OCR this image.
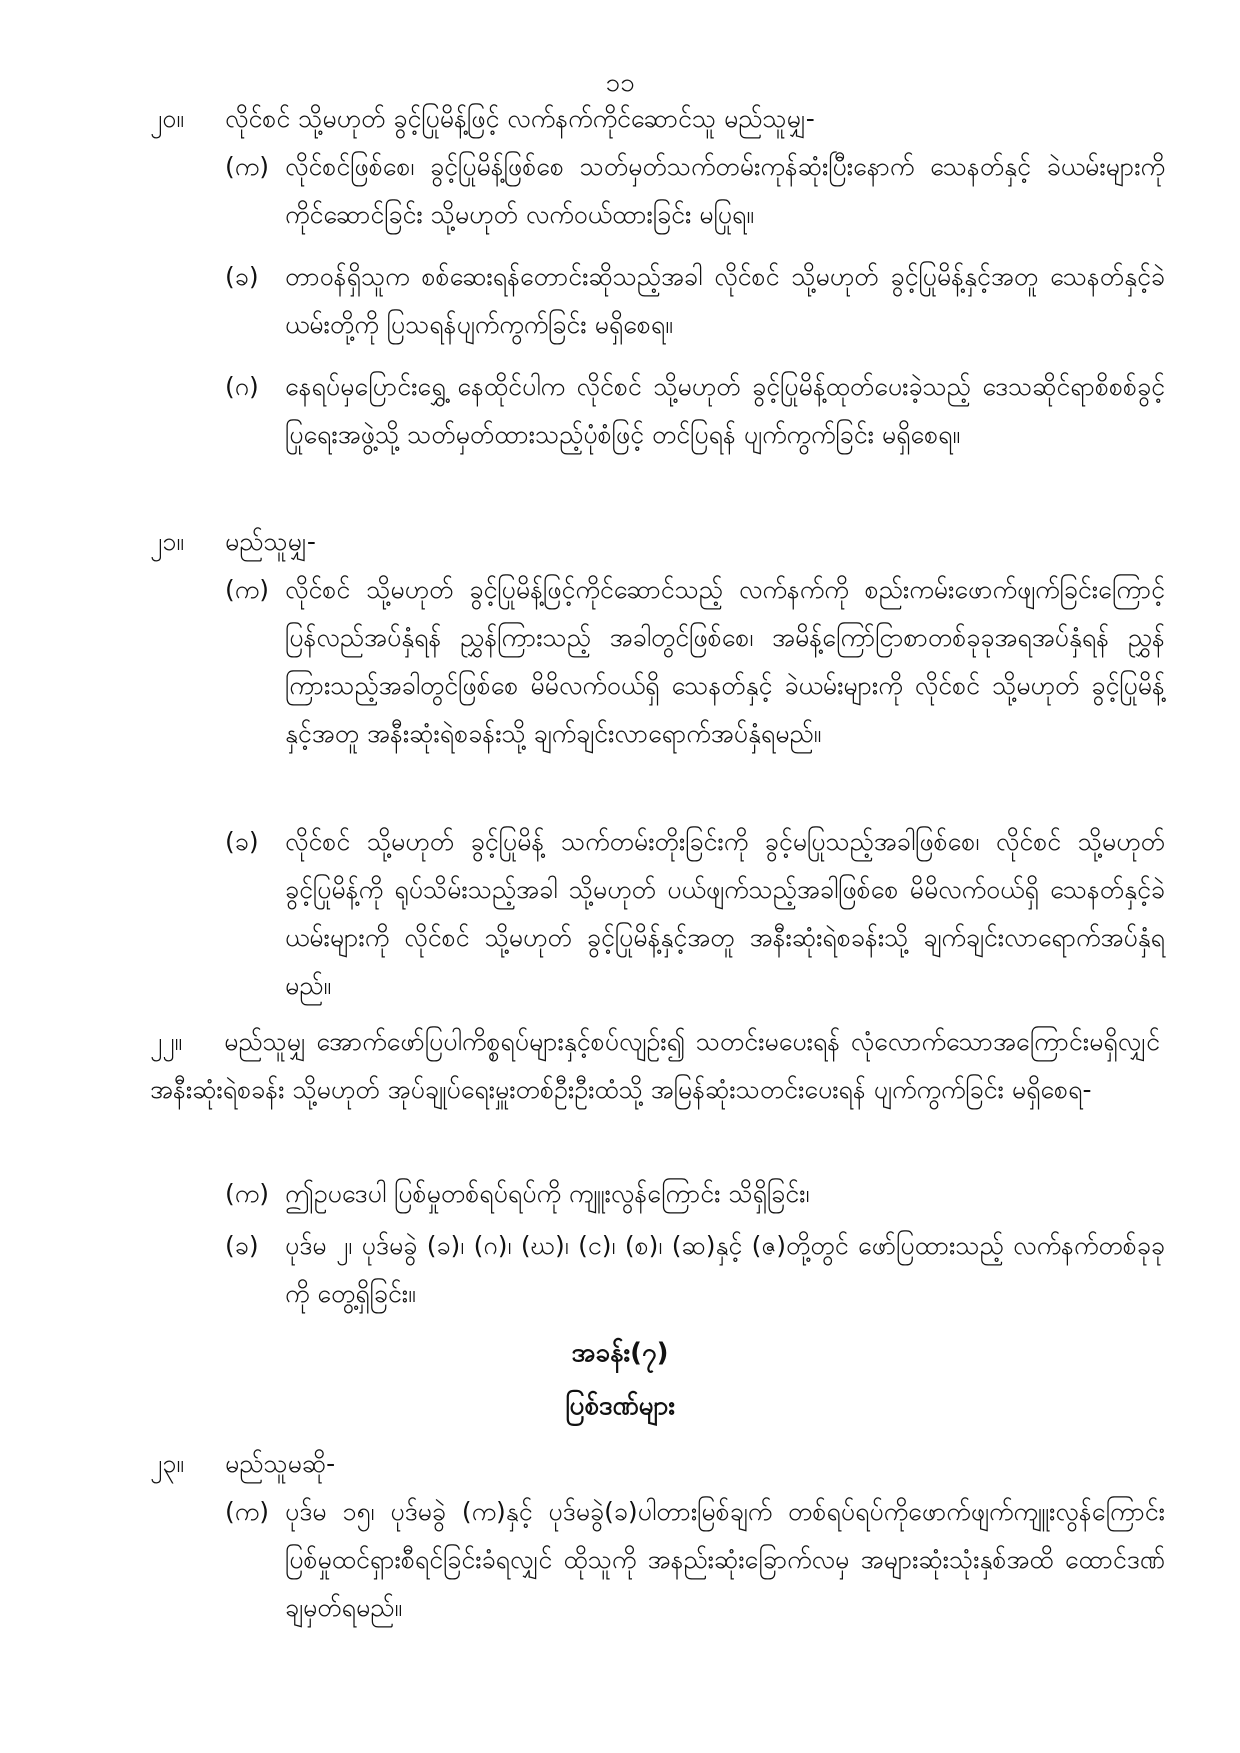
၁၁
၂၀။	လိုင်စင် သို့မဟုတ် ခွင့်ပြုမိန့်ဖြင့် လက်နက်ကိုင်ဆောင်သူ မည်သူမျှ-
(က) လိုင်စင်ဖြစ်စေ၊ ခွင့်ပြုမိန့်ဖြစ်စေ သတ်မှတ်သက်တမ်းကုန်ဆုံးပြီးနောက် သေနတ်နှင့် ခဲယမ်းများကို ကိုင်ဆောင်ခြင်း သို့မဟုတ် လက်ဝယ်ထားခြင်း မပြုရ။
(ခ)	တာဝန်ရှိသူက စစ်ဆေးရန်တောင်းဆိုသည့်အခါ လိုင်စင် သို့မဟုတ် ခွင့်ပြုမိန့်နှင့်အတူ သေနတ်နှင့်ခဲယမ်းတို့ကို ပြသရန်ပျက်ကွက်ခြင်း မရှိစေရ။
(ဂ)	နေရပ်မှပြောင်းရွှေ့ နေထိုင်ပါက လိုင်စင် သို့မဟုတ် ခွင့်ပြုမိန့်ထုတ်ပေးခဲ့သည့် ဒေသဆိုင်ရာစိစစ်ခွင့်ပြုရေးအဖွဲ့သို့ သတ်မှတ်ထားသည့်ပုံစံဖြင့် တင်ပြရန် ပျက်ကွက်ခြင်း မရှိစေရ။
၂၁။	မည်သူမျှ-
(က) လိုင်စင် သို့မဟုတ် ခွင့်ပြုမိန့်ဖြင့်ကိုင်ဆောင်သည့် လက်နက်ကို စည်းကမ်းဖောက်ဖျက်ခြင်းကြောင့်ပြန်လည်အပ်နှံရန် ညွှန်ကြားသည့် အခါတွင်ဖြစ်စေ၊ အမိန့်ကြော်ငြာစာတစ်ခုခုအရအပ်နှံရန် ညွှန်ကြားသည့်အခါတွင်ဖြစ်စေ မိမိလက်ဝယ်ရှိ သေနတ်နှင့် ခဲယမ်းများကို လိုင်စင် သို့မဟုတ် ခွင့်ပြုမိန့်နှင့်အတူ အနီးဆုံးရဲစခန်းသို့ ချက်ချင်းလာရောက်အပ်နှံရမည်။
(ခ)	လိုင်စင် သို့မဟုတ် ခွင့်ပြုမိန့် သက်တမ်းတိုးခြင်းကို ခွင့်မပြုသည့်အခါဖြစ်စေ၊ လိုင်စင် သို့မဟုတ် ခွင့်ပြုမိန့်ကို ရုပ်သိမ်းသည့်အခါ သို့မဟုတ် ပယ်ဖျက်သည့်အခါဖြစ်စေ မိမိလက်ဝယ်ရှိ သေနတ်နှင့်ခဲယမ်းများကို လိုင်စင် သို့မဟုတ် ခွင့်ပြုမိန့်နှင့်အတူ အနီးဆုံးရဲစခန်းသို့ ချက်ချင်းလာရောက်အပ်နှံရမည်။
၂၂။ မည်သူမျှ အောက်ဖော်ပြပါကိစ္စရပ်များနှင့်စပ်လျဉ်း၍ သတင်းမပေးရန် လုံလောက်သောအကြောင်းမရှိလျှင် အနီးဆုံးရဲစခန်း သို့မဟုတ် အုပ်ချုပ်ရေးမှူးတစ်ဦးဦးထံသို့ အမြန်ဆုံးသတင်းပေးရန် ပျက်ကွက်ခြင်း မရှိစေရ-
(က) ဤဥပဒေပါ ပြစ်မှုတစ်ရပ်ရပ်ကို ကျူးလွန်ကြောင်း သိရှိခြင်း၊
(ခ)	ပုဒ်မ ၂၊ ပုဒ်မခွဲ (ခ)၊ (ဂ)၊ (ဃ)၊ (င)၊ (စ)၊ (ဆ)နှင့် (ဇ)တို့တွင် ဖော်ပြထားသည့် လက်နက်တစ်ခုခုကို တွေ့ရှိခြင်း။
အခန်း(၇)
ပြစ်ဒဏ်များ
၂၃။	မည်သူမဆို-
(က) ပုဒ်မ ၁၅၊ ပုဒ်မခွဲ (က)နှင့် ပုဒ်မခွဲ(ခ)ပါတားမြစ်ချက် တစ်ရပ်ရပ်ကိုဖောက်ဖျက်ကျူးလွန်ကြောင်း ပြစ်မှုထင်ရှားစီရင်ခြင်းခံရလျှင် ထိုသူကို အနည်းဆုံးခြောက်လမှ အများဆုံးသုံးနှစ်အထိ ထောင်ဒဏ်ချမှတ်ရမည်။
